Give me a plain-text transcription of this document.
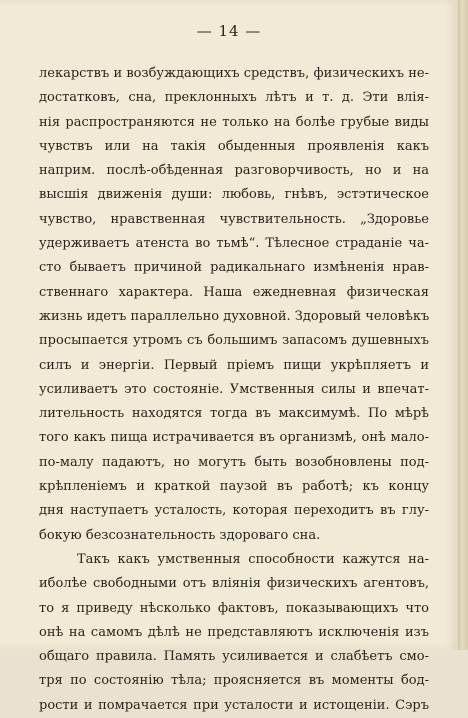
— 14 —
лекарствъ и возбуждающихъ средствъ, физическихъ не-
достатковъ, сна, преклонныхъ лѣтъ и т. д. Эти влія-
нія распространяются не только на болѣе грубые виды
чувствъ или на такія обыденныя проявленія какъ
наприм. послѣ-обѣденная разговорчивость, но и на
высшія движенія души: любовь, гнѣвъ, эстэтическое
чувство, нравственная чувствительность. „Здоровье
удерживаетъ атенста во тьмѣ“. Тѣлесное страданіе ча-
сто бываетъ причиной радикальнаго измѣненія нрав-
ственнаго характера. Наша ежедневная физическая
жизнь идетъ параллельно духовной. Здоровый человѣкъ
просыпается утромъ съ большимъ запасомъ душевныхъ
силъ и энергіи. Первый пріемъ пищи укрѣпляетъ и
усиливаетъ это состояніе. Умственныя силы и впечат-
лительность находятся тогда въ максимумѣ. По мѣрѣ
того какъ пища истрачивается въ организмѣ, онѣ мало-
по-малу падаютъ, но могутъ быть возобновлены под-
крѣпленіемъ и краткой паузой въ работѣ; къ концу
дня наступаетъ усталость, которая переходитъ въ глу-
бокую безсознательность здороваго сна.
Такъ какъ умственныя способности кажутся на-
иболѣе свободными отъ вліянія физическихъ агентовъ,
то я приведу нѣсколько фактовъ, показывающихъ что
онѣ на самомъ дѣлѣ не представляютъ исключенія изъ
общаго правила. Память усиливается и слабѣетъ смо-
тря по состоянію тѣла; проясняется въ моменты бод-
рости и помрачается при усталости и истощеніи. Сэръ
